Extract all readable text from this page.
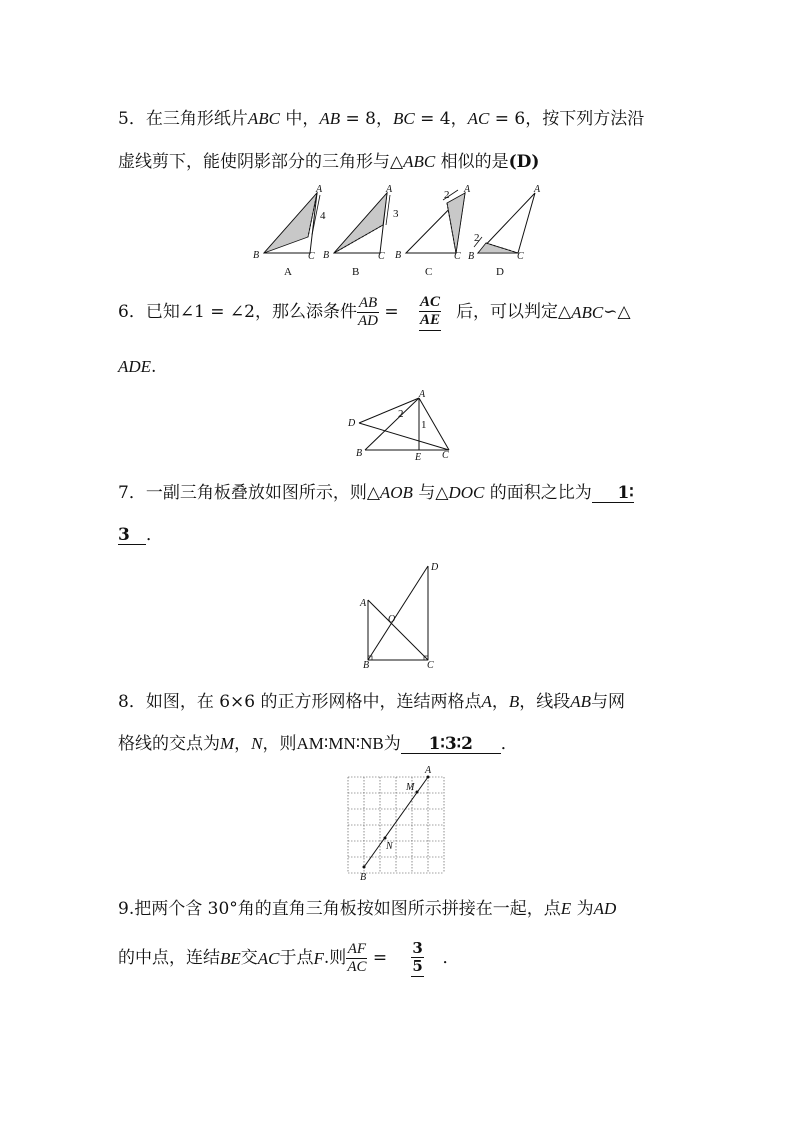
5．在三角形纸片ABC 中，AB = 8，BC = 4，AC = 6，按下列方法沿
虚线剪下，能使阴影部分的三角形与△ABC 相似的是(D)
A
B	C
4
A
A
B	C
3
B
A
B	C
2
C
A
B	C
2
D
6．已知∠1 = ∠2，那么添条件 $\frac{AB}{AD} = \frac{AC}{AE}$ 后，可以判定△ABC∽△
ADE.
A
D
B	E C
2
1
7．一副三角板叠放如图所示，则△AOB 与△DOC 的面积之比为 1∶
3 ．
D
A
O
B	C
8．如图，在 6×6 的正方形网格中，连结两格点A，B，线段AB与网
格线的交点为M，N，则AM∶MN∶NB为 1∶3∶2 ．
A
M
N
B
9.把两个含 30°角的直角三角板按如图所示拼接在一起，点E 为AD
的中点，连结BE交AC于点F.则 $\frac{AF}{AC} = \frac{3}{5}$ ．
